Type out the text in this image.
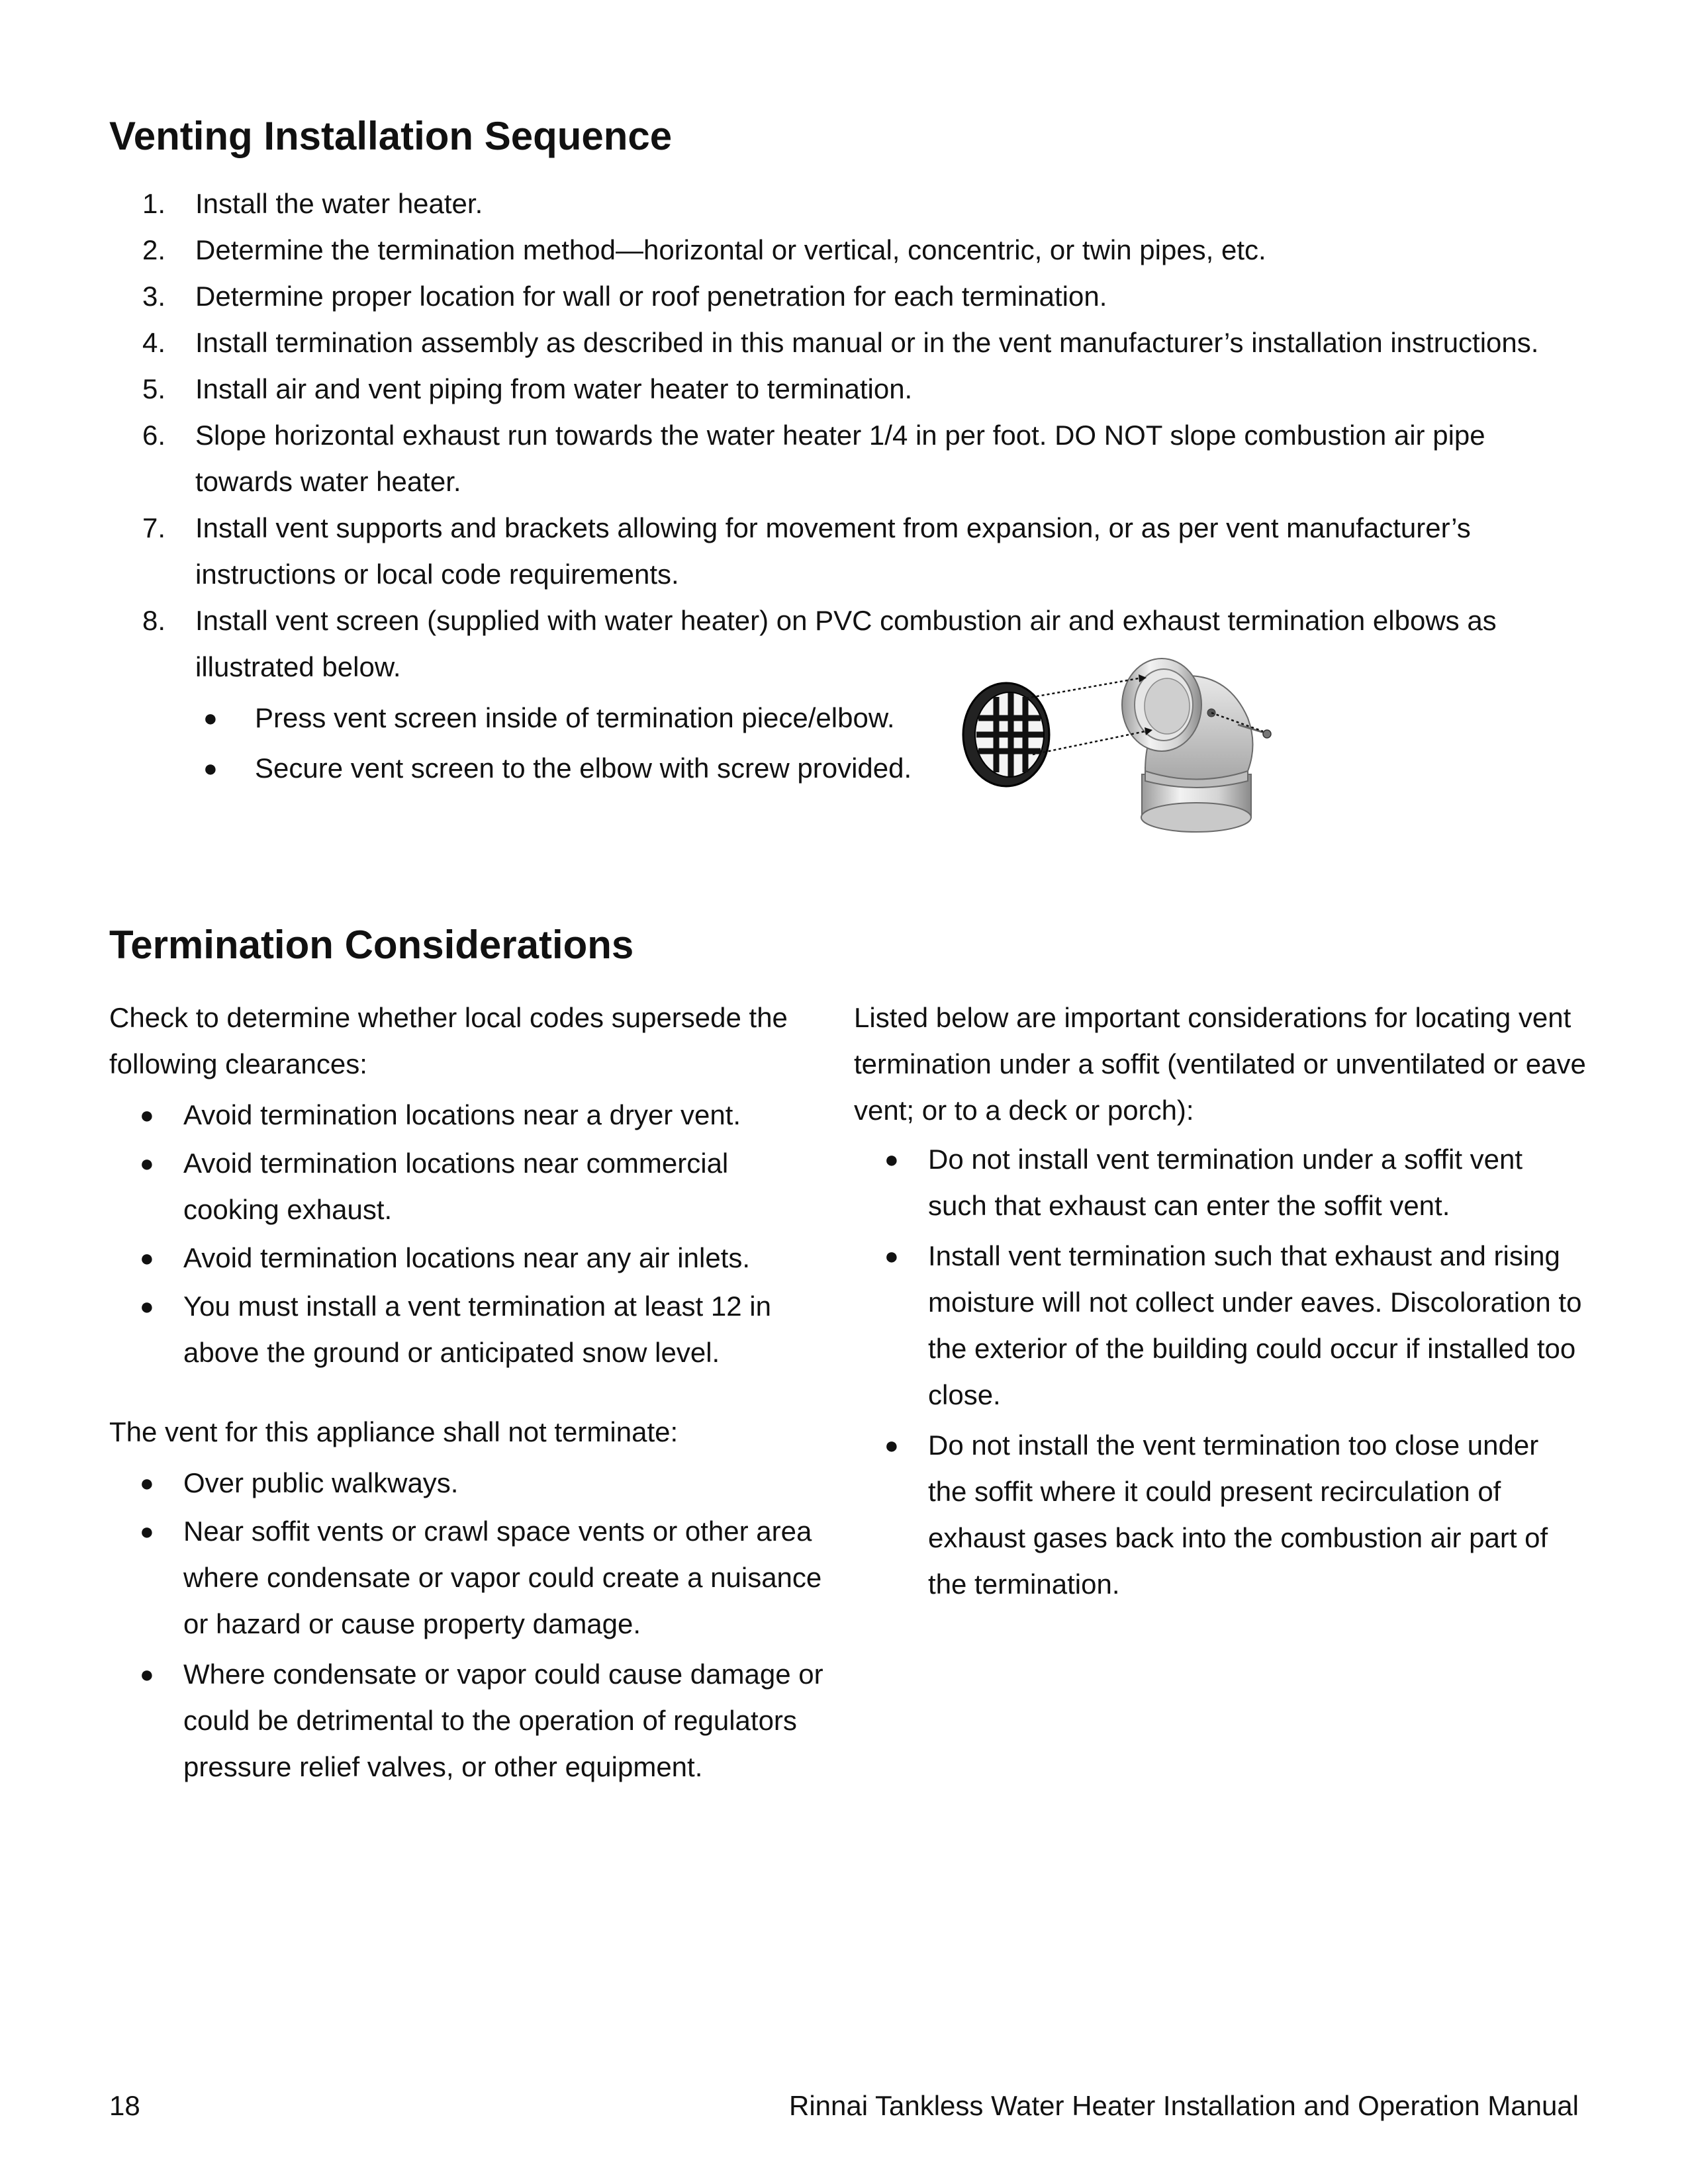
Venting Installation Sequence
1.	Install the water heater.
2.	Determine the termination method—horizontal or vertical, concentric, or twin pipes, etc.
3.	Determine proper location for wall or roof penetration for each termination.
4.	Install termination assembly as described in this manual or in the vent manufacturer’s installation instructions.
5.	Install air and vent piping from water heater to termination.
6.	Slope horizontal exhaust run towards the water heater 1/4 in per foot. DO NOT slope combustion air pipe towards water heater.
7.	Install vent supports and brackets allowing for movement from expansion, or as per vent manufacturer’s instructions or local code requirements.
8.	Install vent screen (supplied with water heater) on PVC combustion air and exhaust termination elbows as illustrated below.
● Press vent screen inside of termination piece/elbow.
● Secure vent screen to the elbow with screw provided.
Termination Considerations

Check to determine whether local codes supersede the following clearances:

● Avoid termination locations near a dryer vent.
● Avoid termination locations near commercial cooking exhaust.
● Avoid termination locations near any air inlets.
● You must install a vent termination at least 12 in above the ground or anticipated snow level.

The vent for this appliance shall not terminate:

● Over public walkways.
● Near soffit vents or crawl space vents or other area where condensate or vapor could create a nuisance or hazard or cause property damage.
● Where condensate or vapor could cause damage or could be detrimental to the operation of regulators pressure relief valves, or other equipment.

Listed below are important considerations for locating vent termination under a soffit (ventilated or unventilated or eave vent; or to a deck or porch):

● Do not install vent termination under a soffit vent such that exhaust can enter the soffit vent.
● Install vent termination such that exhaust and rising moisture will not collect under eaves. Discoloration to the exterior of the building could occur if installed too close.
● Do not install the vent termination too close under the soffit where it could present recirculation of exhaust gases back into the combustion air part of the termination.
18	Rinnai Tankless Water Heater Installation and Operation Manual
